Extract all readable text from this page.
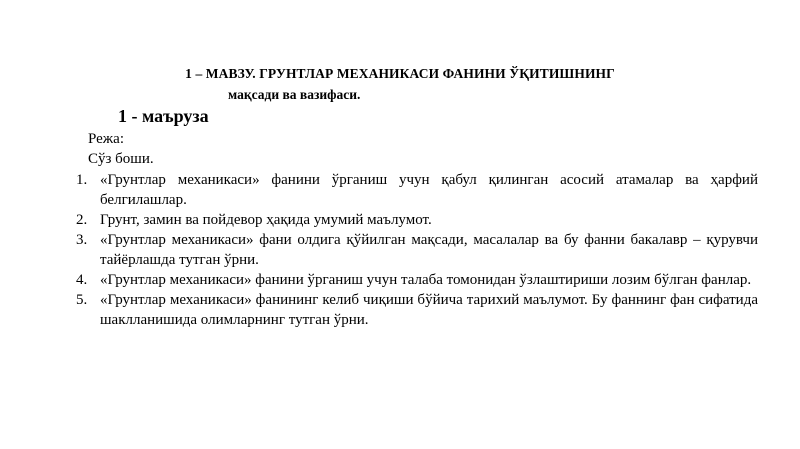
1 – МАВЗУ. ГРУНТЛАР МЕХАНИКАСИ ФАНИНИ ЎҚИТИШНИНГ
мақсади ва вазифаси.
1 - маъруза
Режа:
Сўз боши.
1. «Грунтлар механикаси» фанини ўрганиш учун қабул қилинган асосий атамалар ва ҳарфий белгилашлар.
2. Грунт, замин ва пойдевор ҳақида умумий маълумот.
3. «Грунтлар механикаси» фани олдига қўйилган мақсади, масалалар ва бу фанни бакалавр – қурувчи тайёрлашда тутган ўрни.
4. «Грунтлар механикаси» фанини ўрганиш учун талаба томонидан ўзлаштириши лозим бўлган фанлар.
5. «Грунтлар механикаси» фанининг келиб чиқиши бўйича тарихий маълумот. Бу фаннинг фан сифатида шаклланишида олимларнинг тутган ўрни.
